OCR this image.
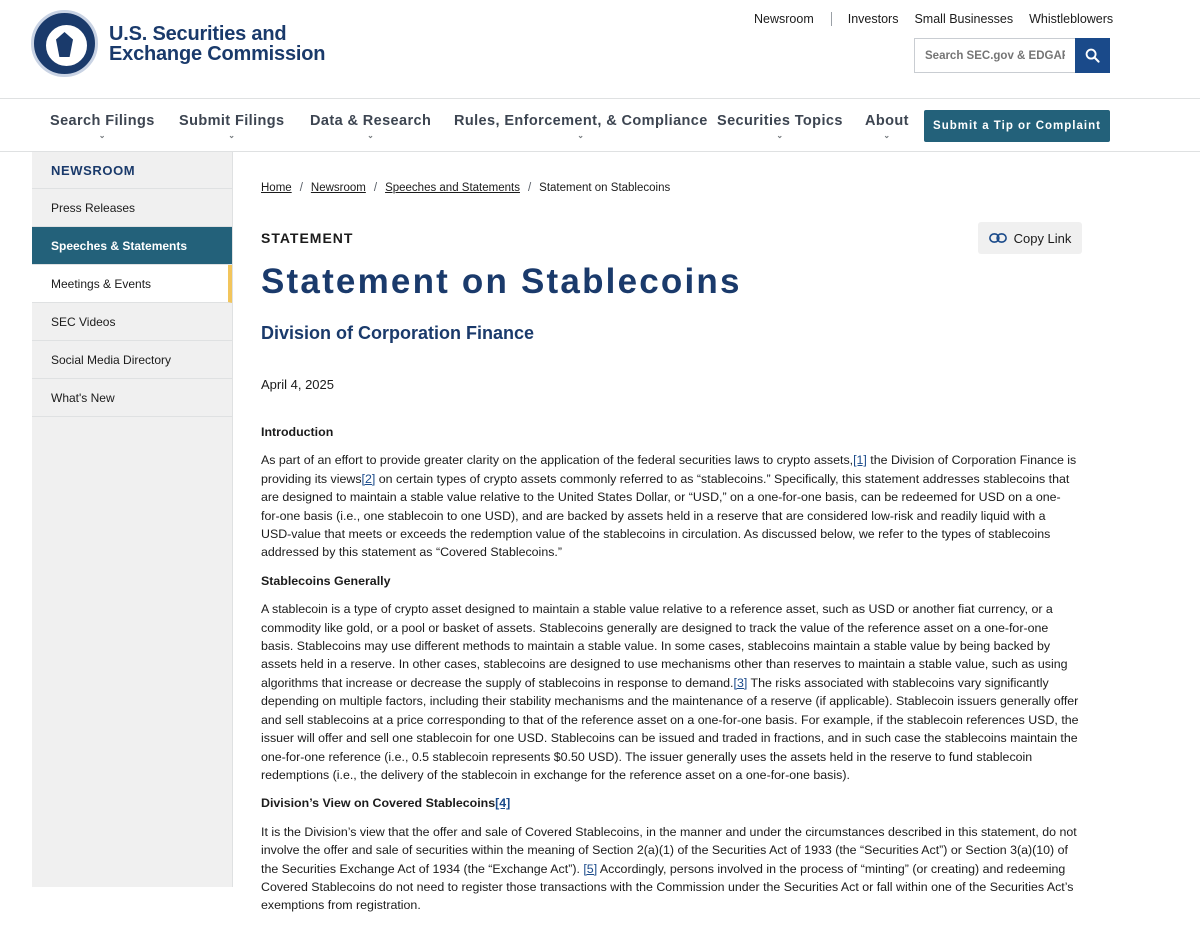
U.S. Securities and
Exchange Commission
Newsroom	Investors Small Businesses Whistleblowers
Search SEC.gov & EDGAR
Search Filings
⌄
Submit Filings
⌄
Data & Research
⌄
Rules, Enforcement, & Compliance
⌄
Securities Topics
⌄
About
⌄
Submit a Tip or Complaint
NEWSROOM
Press Releases
Speeches & Statements
Meetings & Events
SEC Videos
Social Media Directory
What's New
Home / Newsroom / Speeches and Statements / Statement on Stablecoins
STATEMENT	Copy Link
Statement on Stablecoins
Division of Corporation Finance
April 4, 2025
Introduction

As part of an effort to provide greater clarity on the application of the federal securities laws to crypto assets,[1] the Division of Corporation Finance is providing its views[2] on certain types of crypto assets commonly referred to as “stablecoins.” Specifically, this statement addresses stablecoins that are designed to maintain a stable value relative to the United States Dollar, or “USD,” on a one-for-one basis, can be redeemed for USD on a one-for-one basis (i.e., one stablecoin to one USD), and are backed by assets held in a reserve that are considered low-risk and readily liquid with a USD-value that meets or exceeds the redemption value of the stablecoins in circulation. As discussed below, we refer to the types of stablecoins addressed by this statement as “Covered Stablecoins.”

Stablecoins Generally

A stablecoin is a type of crypto asset designed to maintain a stable value relative to a reference asset, such as USD or another fiat currency, or a commodity like gold, or a pool or basket of assets. Stablecoins generally are designed to track the value of the reference asset on a one-for-one basis. Stablecoins may use different methods to maintain a stable value. In some cases, stablecoins maintain a stable value by being backed by assets held in a reserve. In other cases, stablecoins are designed to use mechanisms other than reserves to maintain a stable value, such as using algorithms that increase or decrease the supply of stablecoins in response to demand.[3] The risks associated with stablecoins vary significantly depending on multiple factors, including their stability mechanisms and the maintenance of a reserve (if applicable). Stablecoin issuers generally offer and sell stablecoins at a price corresponding to that of the reference asset on a one-for-one basis. For example, if the stablecoin references USD, the issuer will offer and sell one stablecoin for one USD. Stablecoins can be issued and traded in fractions, and in such case the stablecoins maintain the one-for-one reference (i.e., 0.5 stablecoin represents $0.50 USD). The issuer generally uses the assets held in the reserve to fund stablecoin redemptions (i.e., the delivery of the stablecoin in exchange for the reference asset on a one-for-one basis).

Division’s View on Covered Stablecoins[4]

It is the Division’s view that the offer and sale of Covered Stablecoins, in the manner and under the circumstances described in this statement, do not involve the offer and sale of securities within the meaning of Section 2(a)(1) of the Securities Act of 1933 (the “Securities Act”) or Section 3(a)(10) of the Securities Exchange Act of 1934 (the “Exchange Act”). [5] Accordingly, persons involved in the process of “minting” (or creating) and redeeming Covered Stablecoins do not need to register those transactions with the Commission under the Securities Act or fall within one of the Securities Act’s exemptions from registration.
